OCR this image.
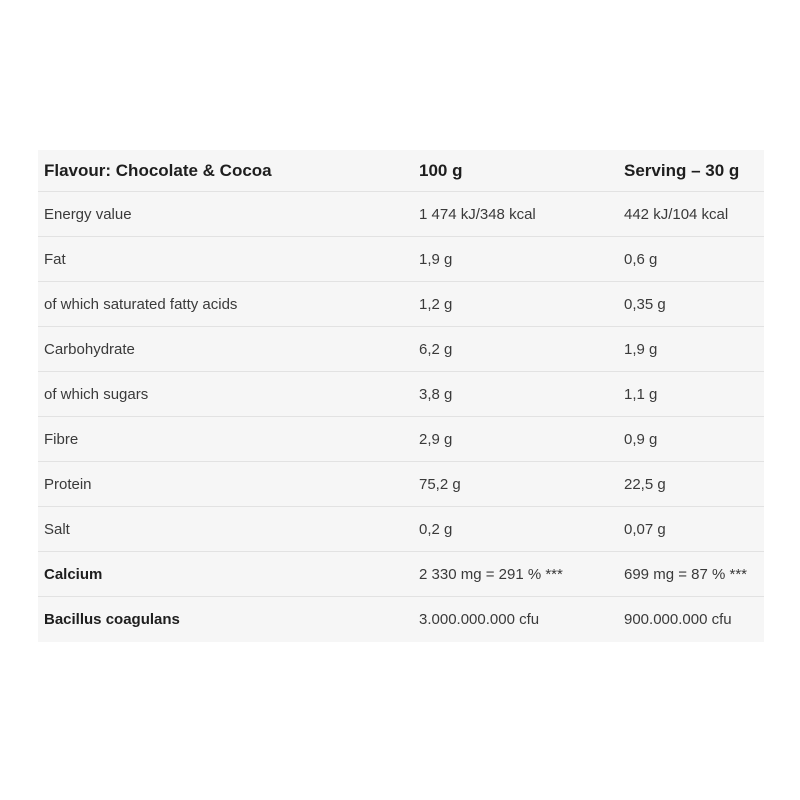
Flavour: Chocolate & Cocoa	100 g	Serving – 30 g
Energy value	1 474 kJ/348 kcal	442 kJ/104 kcal
Fat	1,9 g	0,6 g
of which saturated fatty acids	1,2 g	0,35 g
Carbohydrate	6,2 g	1,9 g
of which sugars	3,8 g	1,1 g
Fibre	2,9 g	0,9 g
Protein	75,2 g	22,5 g
Salt	0,2 g	0,07 g
Calcium	2 330 mg = 291 % ***	699 mg = 87 % ***
Bacillus coagulans	3.000.000.000 cfu	900.000.000 cfu
